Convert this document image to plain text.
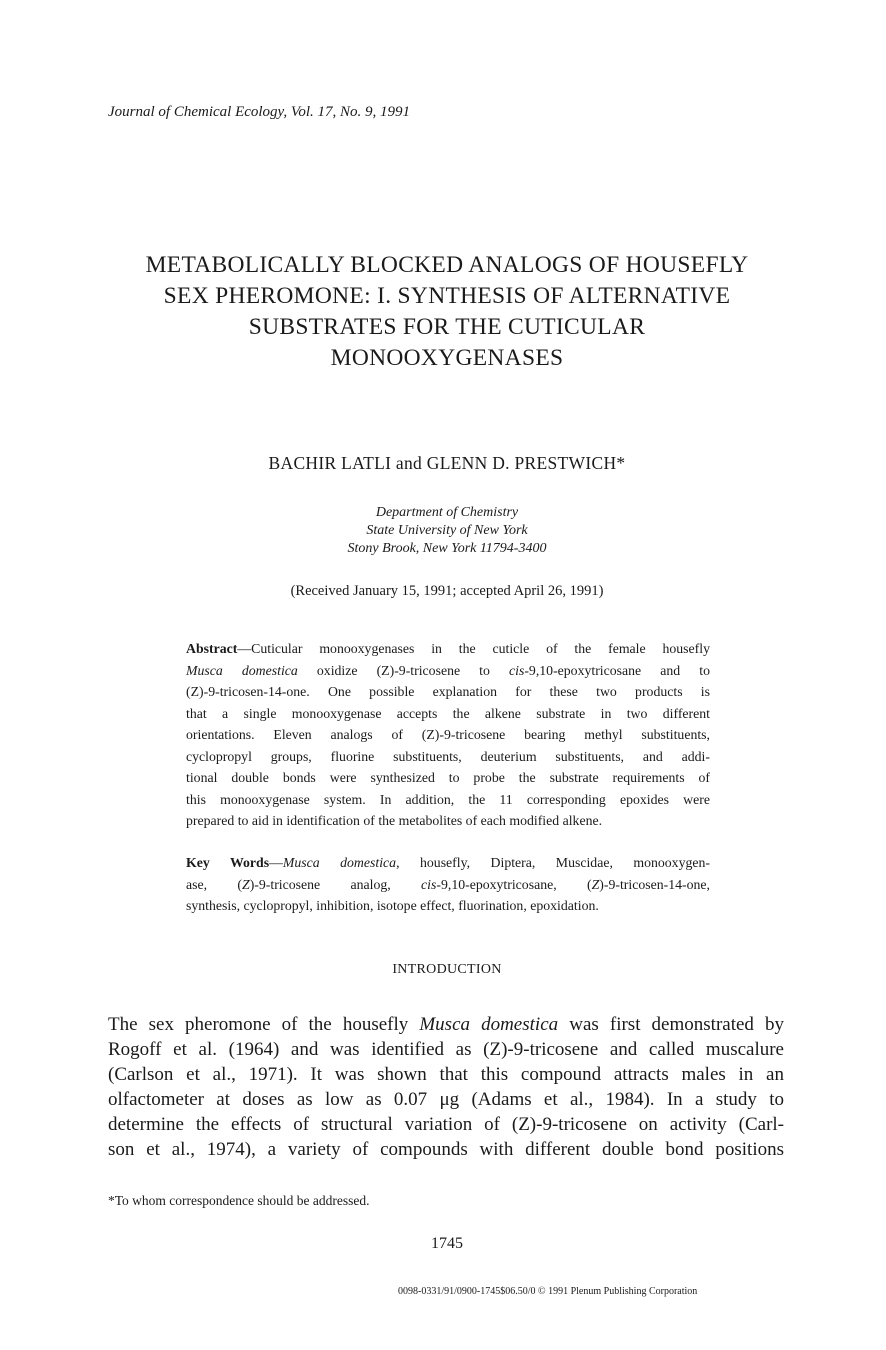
Journal of Chemical Ecology, Vol. 17, No. 9, 1991
METABOLICALLY BLOCKED ANALOGS OF HOUSEFLY
SEX PHEROMONE: I. SYNTHESIS OF ALTERNATIVE
SUBSTRATES FOR THE CUTICULAR
MONOOXYGENASES
BACHIR LATLI and GLENN D. PRESTWICH*
Department of Chemistry
State University of New York
Stony Brook, New York 11794-3400
(Received January 15, 1991; accepted April 26, 1991)
Abstract—Cuticular monooxygenases in the cuticle of the female housefly
Musca domestica oxidize (Z)-9-tricosene to cis-9,10-epoxytricosane and to
(Z)-9-tricosen-14-one. One possible explanation for these two products is
that a single monooxygenase accepts the alkene substrate in two different
orientations. Eleven analogs of (Z)-9-tricosene bearing methyl substituents,
cyclopropyl groups, fluorine substituents, deuterium substituents, and addi-
tional double bonds were synthesized to probe the substrate requirements of
this monooxygenase system. In addition, the 11 corresponding epoxides were
prepared to aid in identification of the metabolites of each modified alkene.
Key Words—Musca domestica, housefly, Diptera, Muscidae, monooxygen-
ase, (Z)-9-tricosene analog, cis-9,10-epoxytricosane, (Z)-9-tricosen-14-one,
synthesis, cyclopropyl, inhibition, isotope effect, fluorination, epoxidation.
INTRODUCTION
The sex pheromone of the housefly Musca domestica was first demonstrated by
Rogoff et al. (1964) and was identified as (Z)-9-tricosene and called muscalure
(Carlson et al., 1971). It was shown that this compound attracts males in an
olfactometer at doses as low as 0.07 μg (Adams et al., 1984). In a study to
determine the effects of structural variation of (Z)-9-tricosene on activity (Carl-
son et al., 1974), a variety of compounds with different double bond positions
*To whom correspondence should be addressed.
1745
0098-0331/91/0900-1745$06.50/0 © 1991 Plenum Publishing Corporation
